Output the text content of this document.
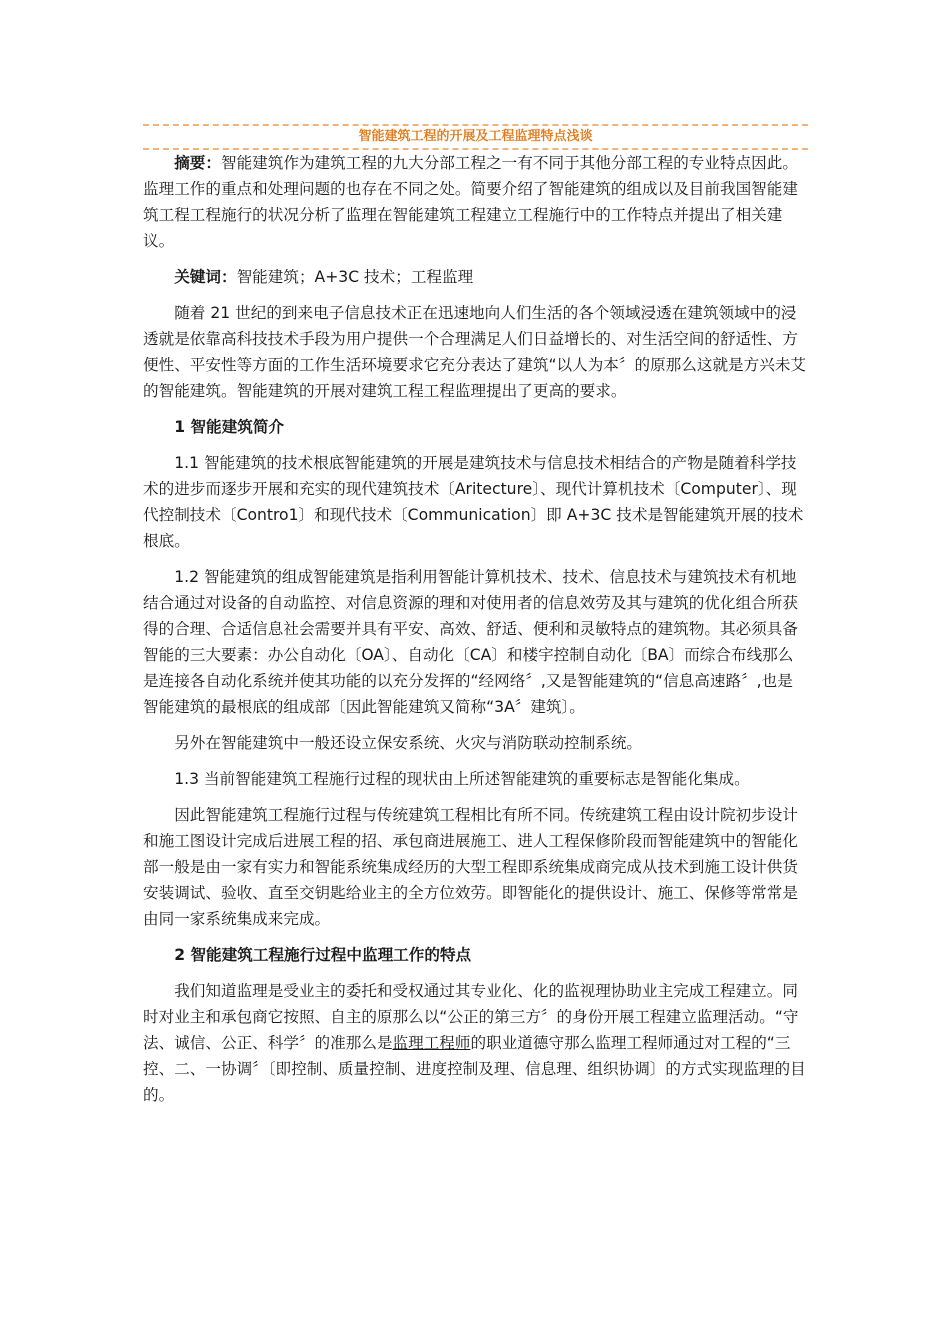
智能建筑工程的开展及工程监理特点浅谈

摘要：智能建筑作为建筑工程的九大分部工程之一有不同于其他分部工程的专业特点因此。监理工作的重点和处理问题的也存在不同之处。简要介绍了智能建筑的组成以及目前我国智能建筑工程工程施行的状况分析了监理在智能建筑工程建立工程施行中的工作特点并提出了相关建议。

关键词：智能建筑；A+3C 技术；工程监理

随着 21 世纪的到来电子信息技术正在迅速地向人们生活的各个领域浸透在建筑领域中的浸透就是依靠高科技技术手段为用户提供一个合理满足人们日益增长的、对生活空间的舒适性、方便性、平安性等方面的工作生活环境要求它充分表达了建筑“以人为本〞的原那么这就是方兴未艾的智能建筑。智能建筑的开展对建筑工程工程监理提出了更高的要求。

1 智能建筑简介

1.1 智能建筑的技术根底智能建筑的开展是建筑技术与信息技术相结合的产物是随着科学技术的进步而逐步开展和充实的现代建筑技术〔Aritecture〕、现代计算机技术〔Computer〕、现代控制技术〔Contro1〕和现代技术〔Communication〕即 A+3C 技术是智能建筑开展的技术根底。

1.2 智能建筑的组成智能建筑是指利用智能计算机技术、技术、信息技术与建筑技术有机地结合通过对设备的自动监控、对信息资源的理和对使用者的信息效劳及其与建筑的优化组合所获得的合理、合适信息社会需要并具有平安、高效、舒适、便利和灵敏特点的建筑物。其必须具备智能的三大要素：办公自动化〔OA〕、自动化〔CA〕和楼宇控制自动化〔BA〕而综合布线那么是连接各自动化系统并使其功能的以充分发挥的“经网络〞,又是智能建筑的“信息高速路〞,也是智能建筑的最根底的组成部〔因此智能建筑又简称“3A〞建筑〕。

另外在智能建筑中一般还设立保安系统、火灾与消防联动控制系统。

1.3 当前智能建筑工程施行过程的现状由上所述智能建筑的重要标志是智能化集成。

因此智能建筑工程施行过程与传统建筑工程相比有所不同。传统建筑工程由设计院初步设计和施工图设计完成后进展工程的招、承包商进展施工、进人工程保修阶段而智能建筑中的智能化部一般是由一家有实力和智能系统集成经历的大型工程即系统集成商完成从技术到施工设计供货安装调试、验收、直至交钥匙给业主的全方位效劳。即智能化的提供设计、施工、保修等常常是由同一家系统集成来完成。

2 智能建筑工程施行过程中监理工作的特点

我们知道监理是受业主的委托和受权通过其专业化、化的监视理协助业主完成工程建立。同时对业主和承包商它按照、自主的原那么以“公正的第三方〞的身份开展工程建立监理活动。“守法、诚信、公正、科学〞的准那么是监理工程师的职业道德守那么监理工程师通过对工程的“三控、二、一协调〞〔即控制、质量控制、进度控制及理、信息理、组织协调〕的方式实现监理的目的。
